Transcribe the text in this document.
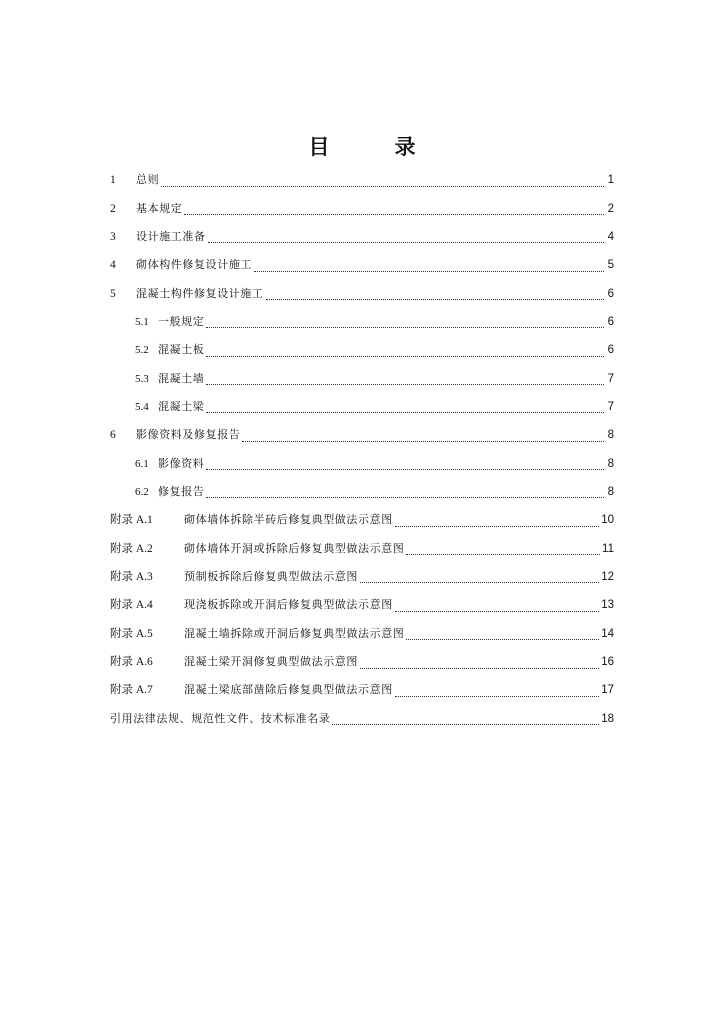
目　录
1	总则	1
2	基本规定	2
3	设计施工准备	4
4	砌体构件修复设计施工	5
5	混凝土构件修复设计施工	6
5.1 一般规定	6
5.2 混凝土板	6
5.3 混凝土墙	7
5.4 混凝土梁	7
6	影像资料及修复报告	8
6.1 影像资料	8
6.2 修复报告	8
附录 A.1	砌体墙体拆除半砖后修复典型做法示意图	10
附录 A.2	砌体墙体开洞或拆除后修复典型做法示意图	11
附录 A.3	预制板拆除后修复典型做法示意图	12
附录 A.4	现浇板拆除或开洞后修复典型做法示意图	13
附录 A.5	混凝土墙拆除或开洞后修复典型做法示意图	14
附录 A.6	混凝土梁开洞修复典型做法示意图	16
附录 A.7	混凝土梁底部凿除后修复典型做法示意图	17
引用法律法规、规范性文件、技术标准名录	18
